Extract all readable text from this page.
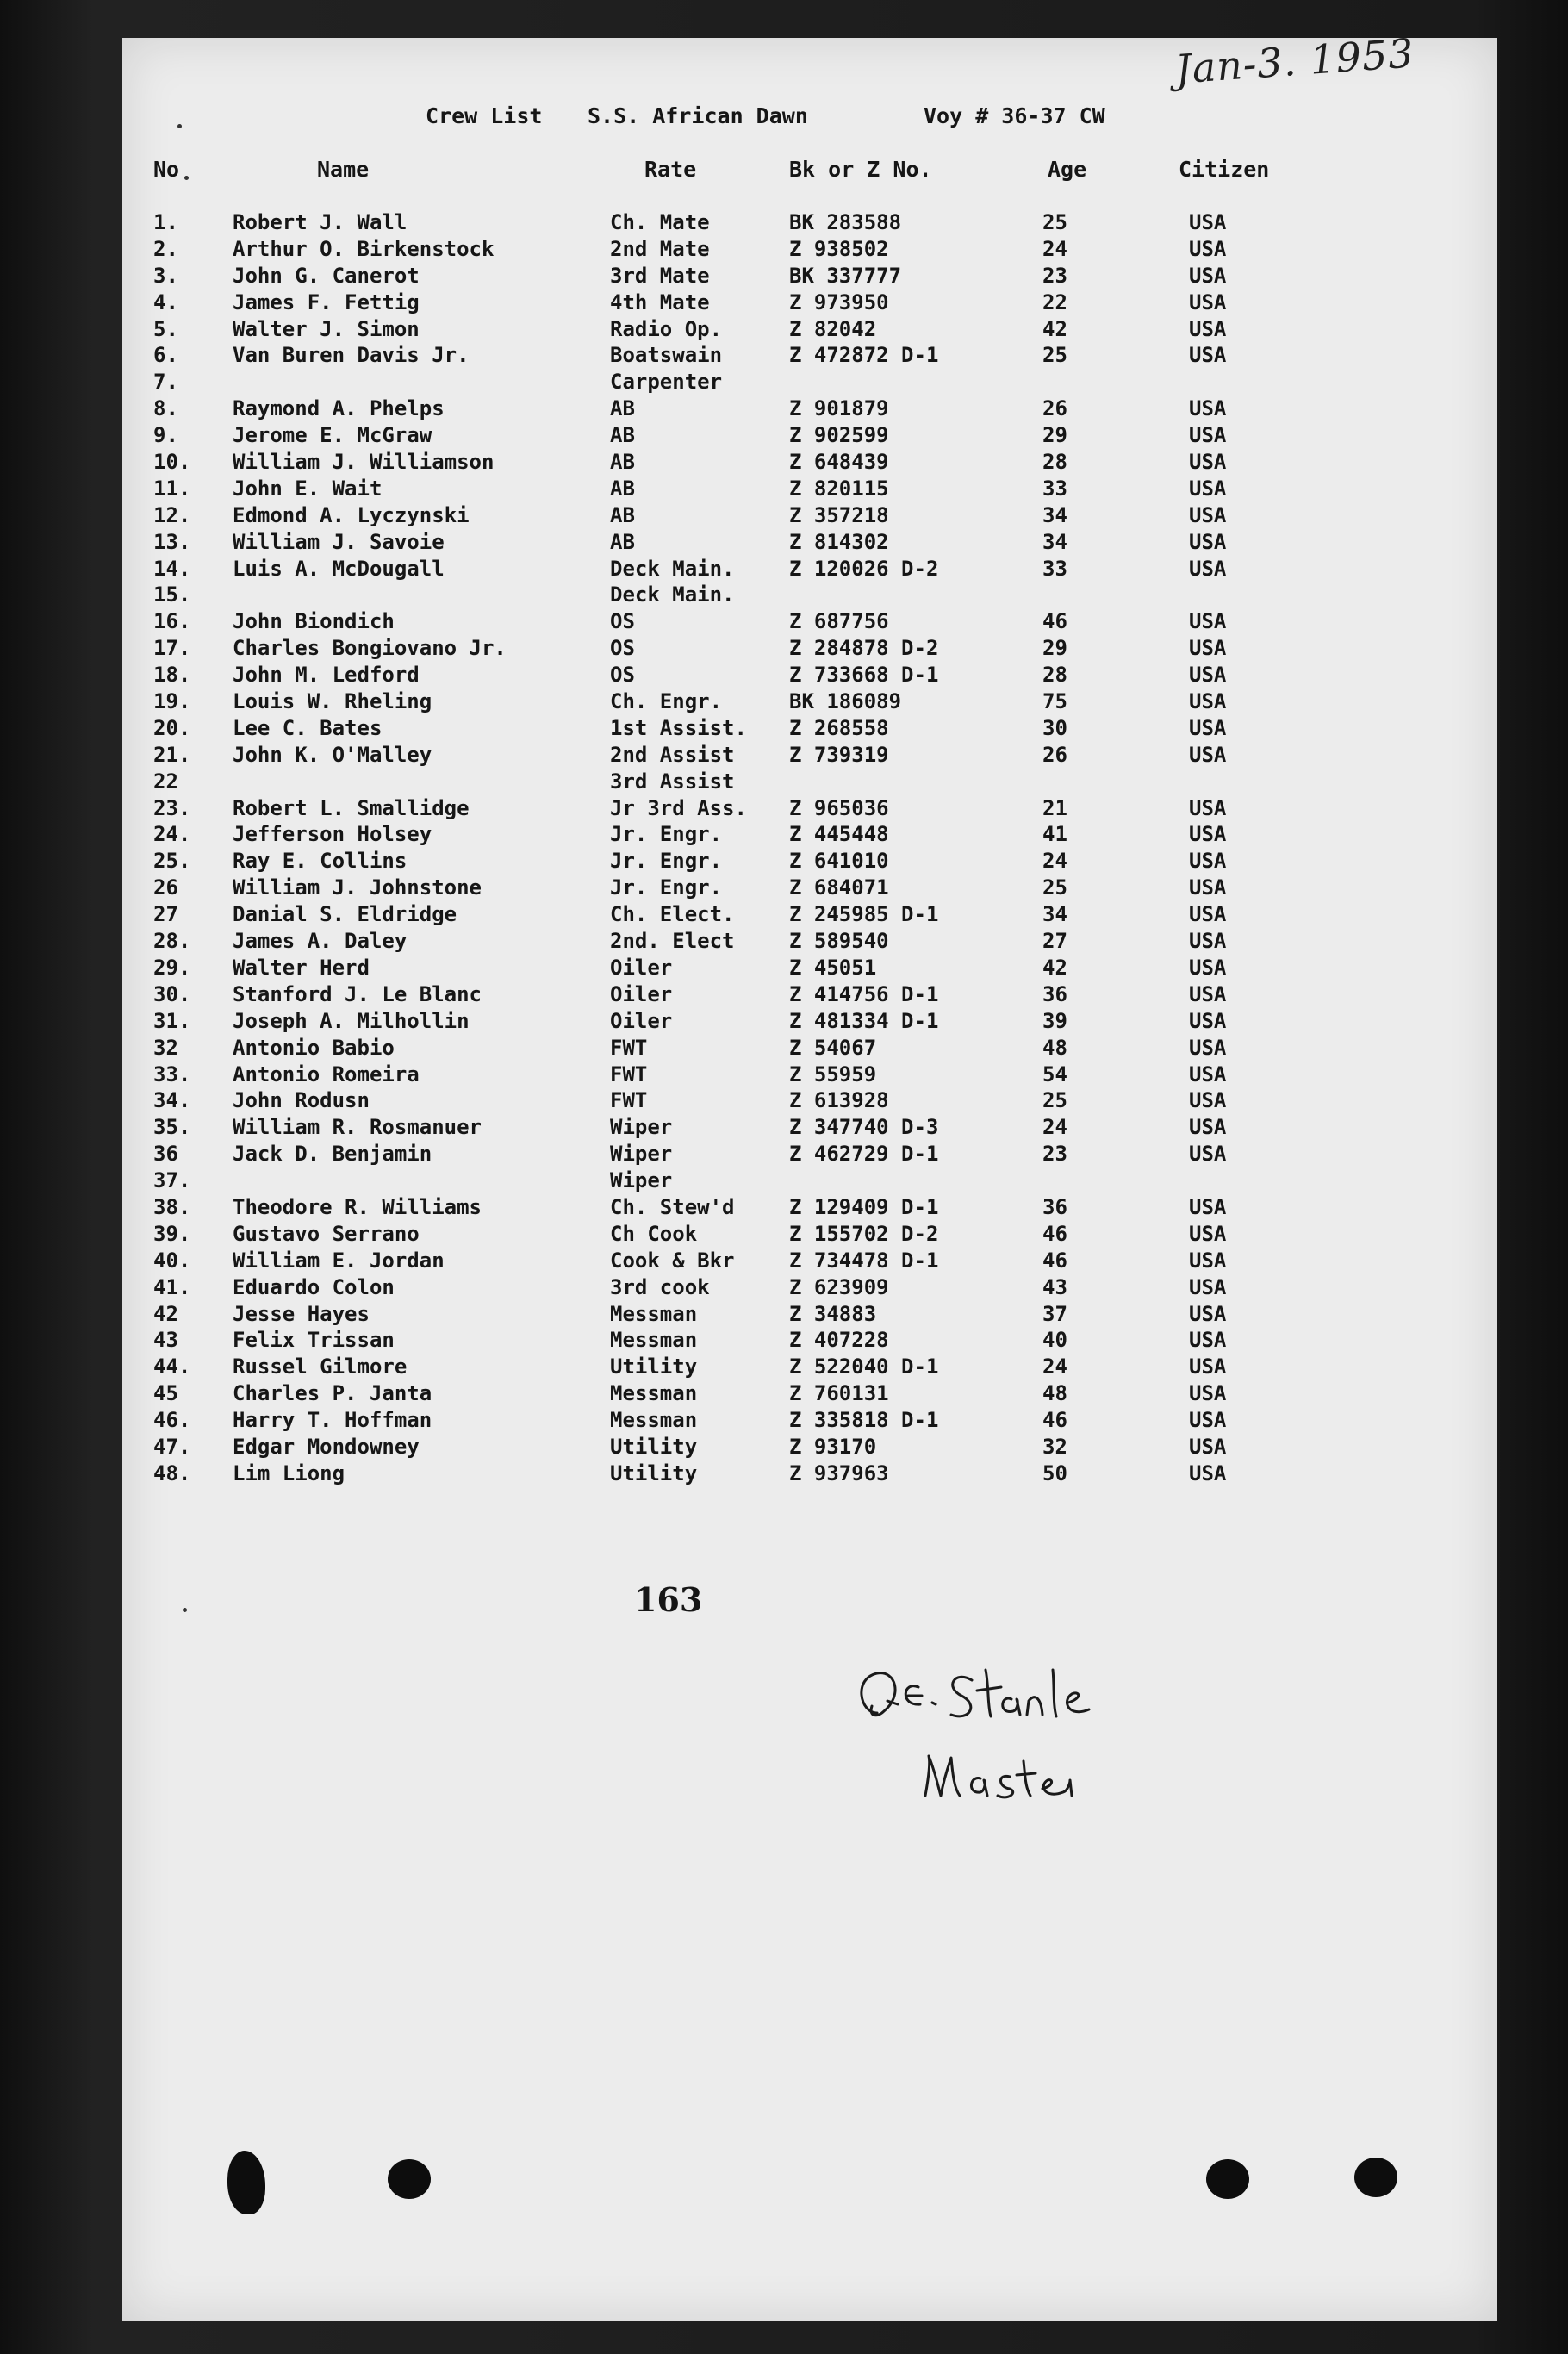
Jan-3. 1953
Crew List S.S. African Dawn	Voy # 36-37 CW
No	Name	Rate	Bk or Z No.	Age	Citizen
1.	Robert J. Wall	Ch. Mate	BK 283588	25	USA
2.	Arthur O. Birkenstock	2nd Mate	Z 938502	24	USA
3.	John G. Canerot	3rd Mate	BK 337777	23	USA
4.	James F. Fettig	4th Mate	Z 973950	22	USA
5.	Walter J. Simon	Radio Op.	Z 82042	42	USA
6.	Van Buren Davis Jr.	Boatswain	Z 472872 D-1	25	USA
7.	Carpenter
8.	Raymond A. Phelps	AB	Z 901879	26	USA
9.	Jerome E. McGraw	AB	Z 902599	29	USA
10. William J. Williamson	AB	Z 648439	28	USA
11. John E. Wait	AB	Z 820115	33	USA
12. Edmond A. Lyczynski	AB	Z 357218	34	USA
13. William J. Savoie	AB	Z 814302	34	USA
14. Luis A. McDougall	Deck Main.	Z 120026 D-2	33	USA
15.	Deck Main.
16. John Biondich	OS	Z 687756	46	USA
17. Charles Bongiovano Jr.	OS	Z 284878 D-2	29	USA
18. John M. Ledford	OS	Z 733668 D-1	28	USA
19. Louis W. Rheling	Ch. Engr.	BK 186089	75	USA
20. Lee C. Bates	1st Assist. Z 268558	30	USA
21. John K. O'Malley	2nd Assist	Z 739319	26	USA
22	3rd Assist
23. Robert L. Smallidge	Jr 3rd Ass. Z 965036	21	USA
24. Jefferson Holsey	Jr. Engr.	Z 445448	41	USA
25. Ray E. Collins	Jr. Engr.	Z 641010	24	USA
26	William J. Johnstone	Jr. Engr.	Z 684071	25	USA
27	Danial S. Eldridge	Ch. Elect.	Z 245985 D-1	34	USA
28. James A. Daley	2nd. Elect	Z 589540	27	USA
29. Walter Herd	Oiler	Z 45051	42	USA
30. Stanford J. Le Blanc	Oiler	Z 414756 D-1	36	USA
31. Joseph A. Milhollin	Oiler	Z 481334 D-1	39	USA
32	Antonio Babio	FWT	Z 54067	48	USA
33. Antonio Romeira	FWT	Z 55959	54	USA
34. John Rodusn	FWT	Z 613928	25	USA
35. William R. Rosmanuer	Wiper	Z 347740 D-3	24	USA
36	Jack D. Benjamin	Wiper	Z 462729 D-1	23	USA
37.	Wiper
38. Theodore R. Williams	Ch. Stew'd	Z 129409 D-1	36	USA
39. Gustavo Serrano	Ch Cook	Z 155702 D-2	46	USA
40. William E. Jordan	Cook & Bkr	Z 734478 D-1	46	USA
41. Eduardo Colon	3rd cook	Z 623909	43	USA
42	Jesse Hayes	Messman	Z 34883	37	USA
43	Felix Trissan	Messman	Z 407228	40	USA
44. Russel Gilmore	Utility	Z 522040 D-1	24	USA
45	Charles P. Janta	Messman	Z 760131	48	USA
46. Harry T. Hoffman	Messman	Z 335818 D-1	46	USA
47. Edgar Mondowney	Utility	Z 93170	32	USA
48. Lim Liong	Utility	Z 937963	50	USA
163
